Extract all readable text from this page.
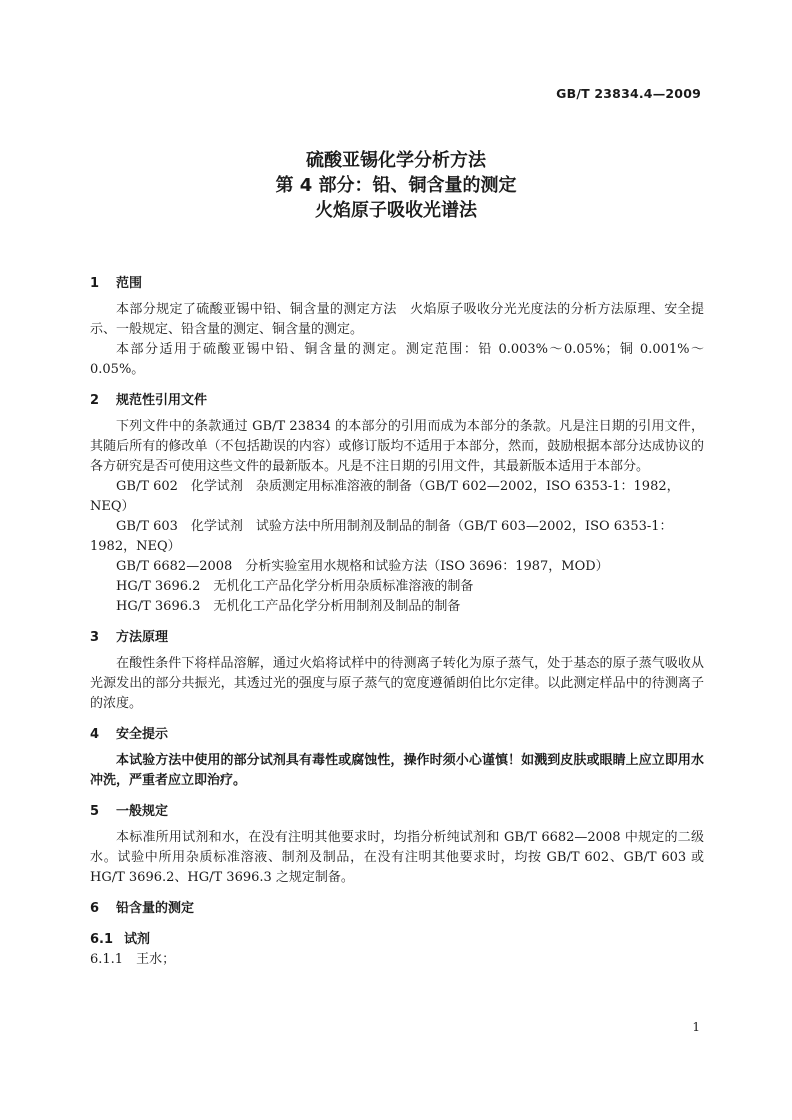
GB/T 23834.4—2009
硫酸亚锡化学分析方法
第 4 部分：铅、铜含量的测定
火焰原子吸收光谱法
1 范围

本部分规定了硫酸亚锡中铅、铜含量的测定方法　火焰原子吸收分光光度法的分析方法原理、安全提示、一般规定、铅含量的测定、铜含量的测定。

本部分适用于硫酸亚锡中铅、铜含量的测定。测定范围：铅 0.003%～0.05%；铜 0.001%～0.05%。

2 规范性引用文件

下列文件中的条款通过 GB/T 23834 的本部分的引用而成为本部分的条款。凡是注日期的引用文件，其随后所有的修改单（不包括勘误的内容）或修订版均不适用于本部分，然而，鼓励根据本部分达成协议的各方研究是否可使用这些文件的最新版本。凡是不注日期的引用文件，其最新版本适用于本部分。

GB/T 602　化学试剂　杂质测定用标准溶液的制备（GB/T 602—2002，ISO 6353-1：1982，NEQ）

GB/T 603　化学试剂　试验方法中所用制剂及制品的制备（GB/T 603—2002，ISO 6353-1：1982，NEQ）

GB/T 6682—2008　分析实验室用水规格和试验方法（ISO 3696：1987，MOD）

HG/T 3696.2　无机化工产品化学分析用杂质标准溶液的制备

HG/T 3696.3　无机化工产品化学分析用制剂及制品的制备

3 方法原理

在酸性条件下将样品溶解，通过火焰将试样中的待测离子转化为原子蒸气，处于基态的原子蒸气吸收从光源发出的部分共振光，其透过光的强度与原子蒸气的宽度遵循朗伯比尔定律。以此测定样品中的待测离子的浓度。

4 安全提示

本试验方法中使用的部分试剂具有毒性或腐蚀性，操作时须小心谨慎！如溅到皮肤或眼睛上应立即用水冲洗，严重者应立即治疗。

5 一般规定

本标准所用试剂和水，在没有注明其他要求时，均指分析纯试剂和 GB/T 6682—2008 中规定的二级水。试验中所用杂质标准溶液、制剂及制品，在没有注明其他要求时，均按 GB/T 602、GB/T 603 或 HG/T 3696.2、HG/T 3696.3 之规定制备。

6 铅含量的测定
6.1 试剂

6.1.1　 王水；

1
